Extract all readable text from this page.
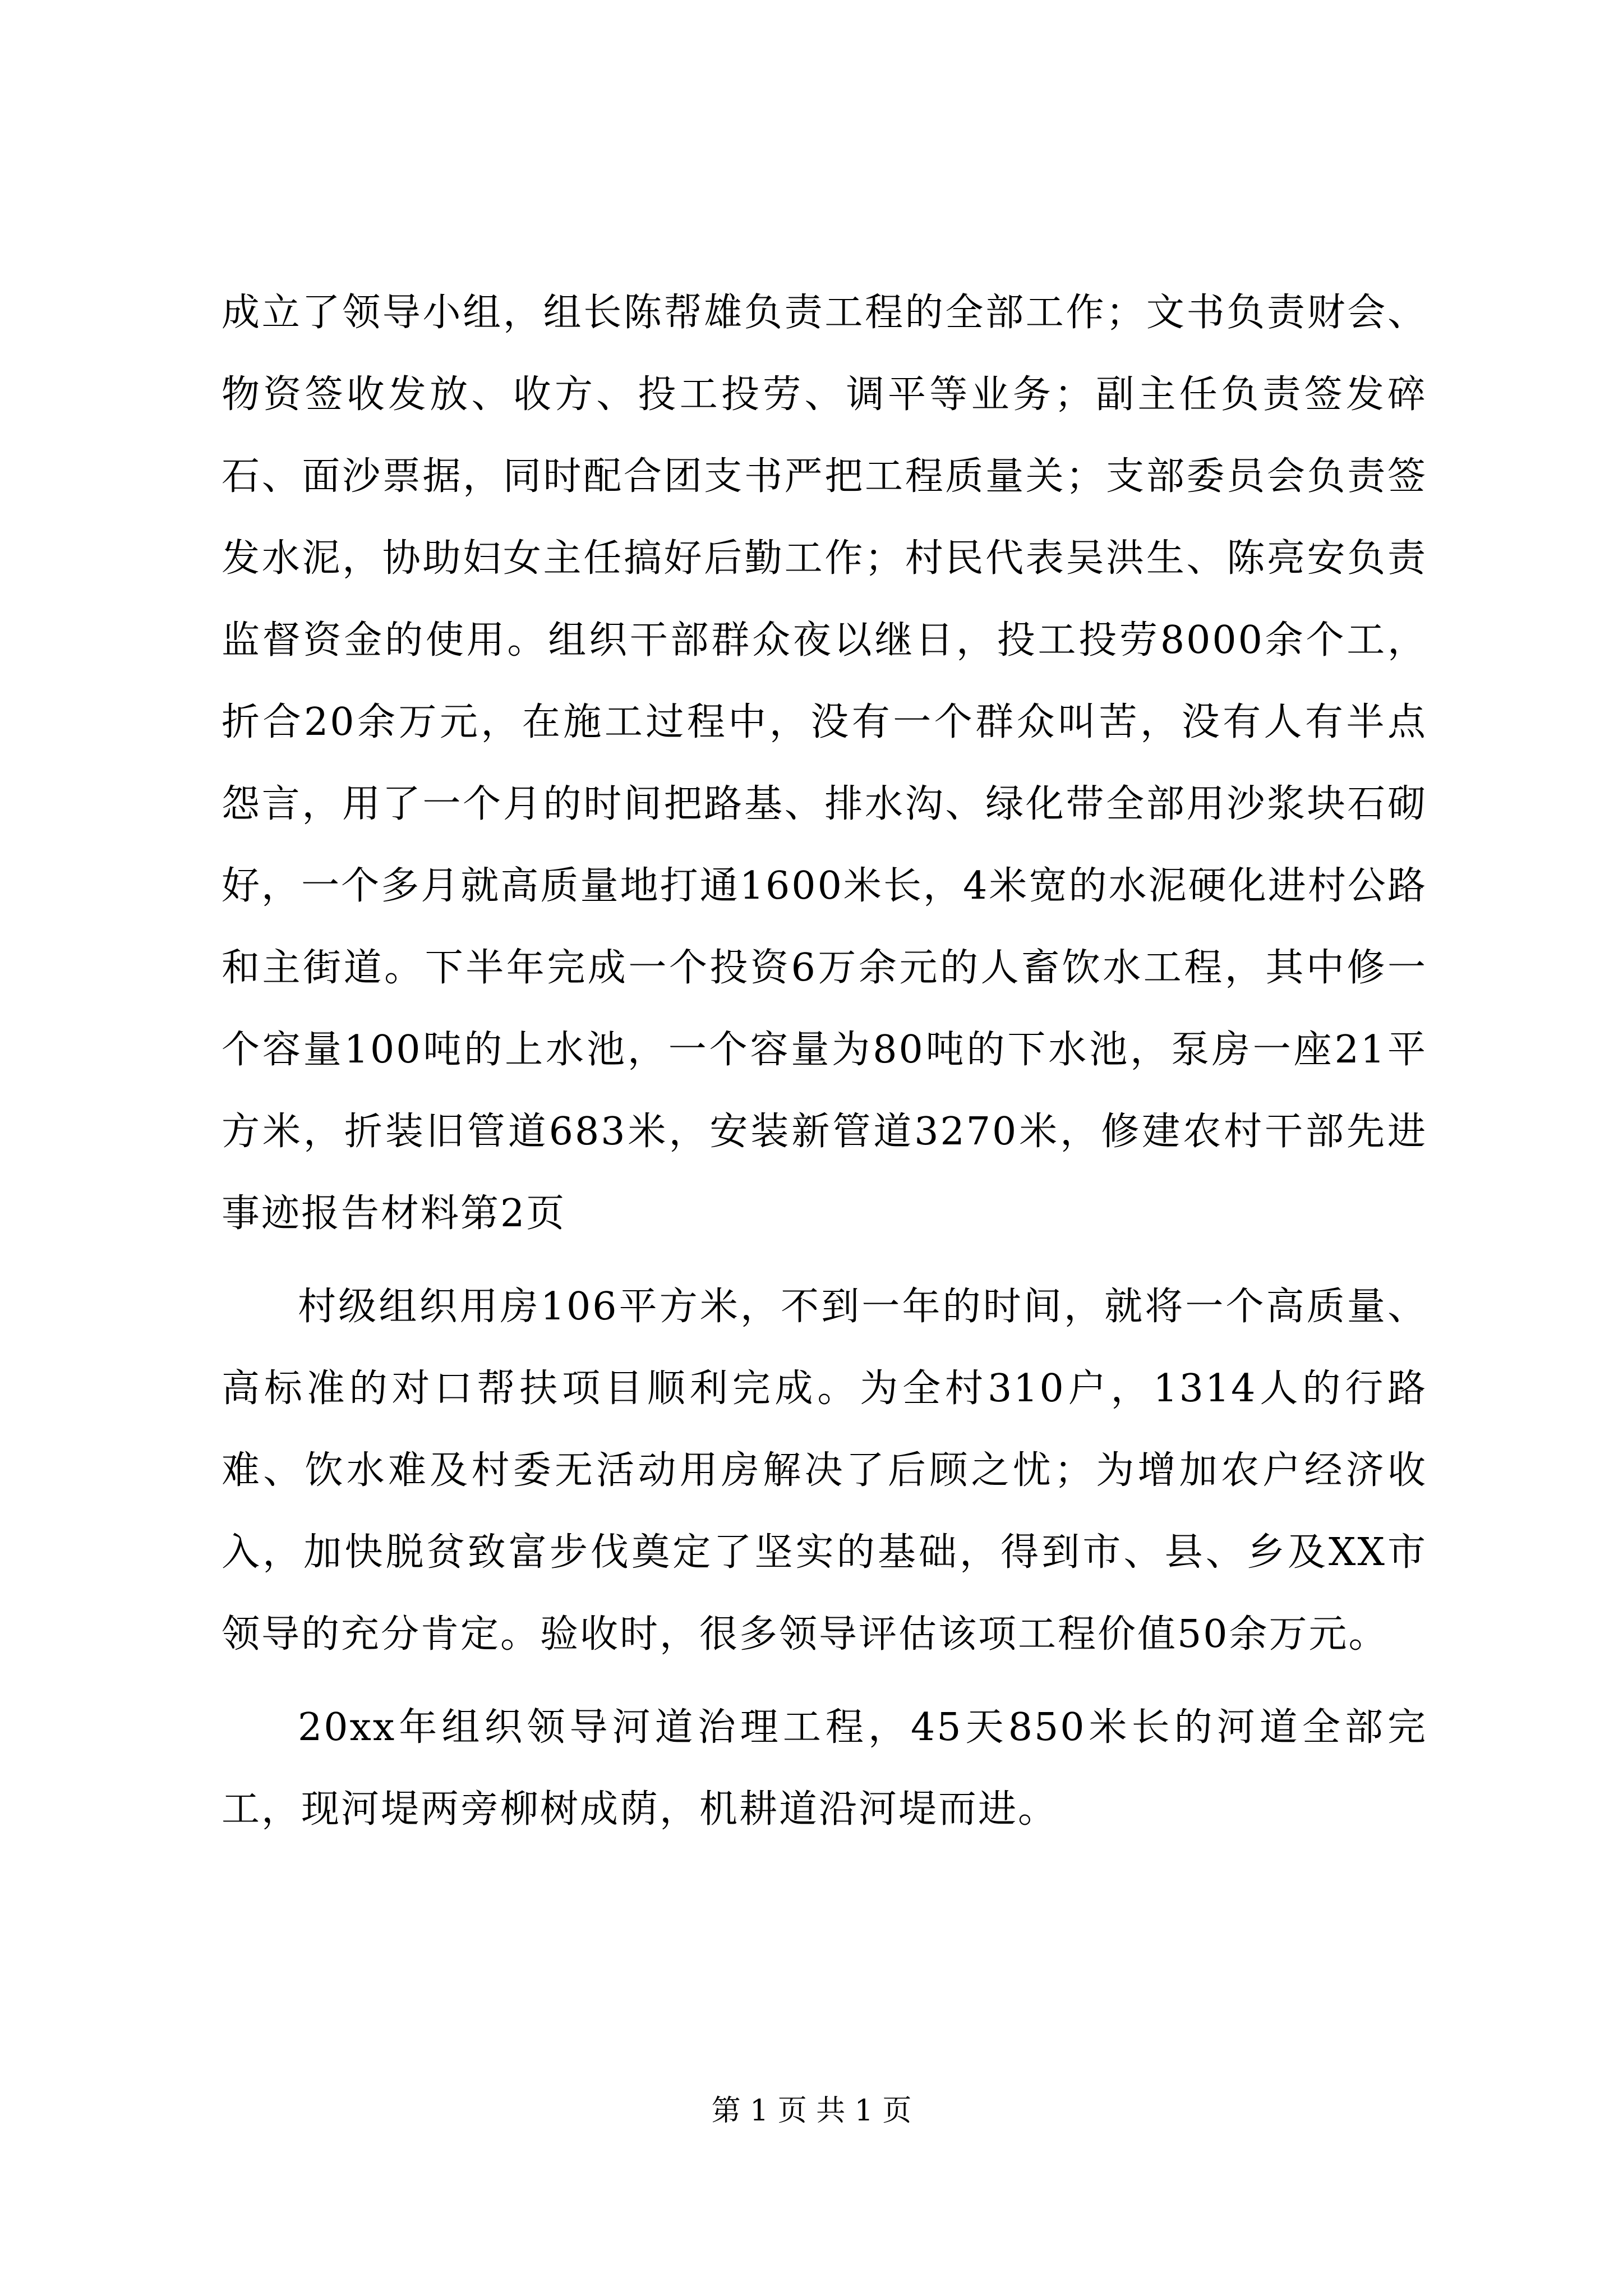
成立了领导小组，组长陈帮雄负责工程的全部工作；文书负责财会、物资签收发放、收方、投工投劳、调平等业务；副主任负责签发碎石、面沙票据，同时配合团支书严把工程质量关；支部委员会负责签发水泥，协助妇女主任搞好后勤工作；村民代表吴洪生、陈亮安负责监督资金的使用。组织干部群众夜以继日，投工投劳8000余个工，折合20余万元，在施工过程中，没有一个群众叫苦，没有人有半点怨言，用了一个月的时间把路基、排水沟、绿化带全部用沙浆块石砌好，一个多月就高质量地打通1600米长，4米宽的水泥硬化进村公路和主街道。下半年完成一个投资6万余元的人畜饮水工程，其中修一个容量100吨的上水池，一个容量为80吨的下水池，泵房一座21平方米，折装旧管道683米，安装新管道3270米，修建农村干部先进事迹报告材料第2页

村级组织用房106平方米，不到一年的时间，就将一个高质量、高标准的对口帮扶项目顺利完成。为全村310户，1314人的行路难、饮水难及村委无活动用房解决了后顾之忧；为增加农户经济收入，加快脱贫致富步伐奠定了坚实的基础，得到市、县、乡及XX市领导的充分肯定。验收时，很多领导评估该项工程价值50余万元。

20xx年组织领导河道治理工程，45天850米长的河道全部完工，现河堤两旁柳树成荫，机耕道沿河堤而进。

第 1 页 共 1 页
